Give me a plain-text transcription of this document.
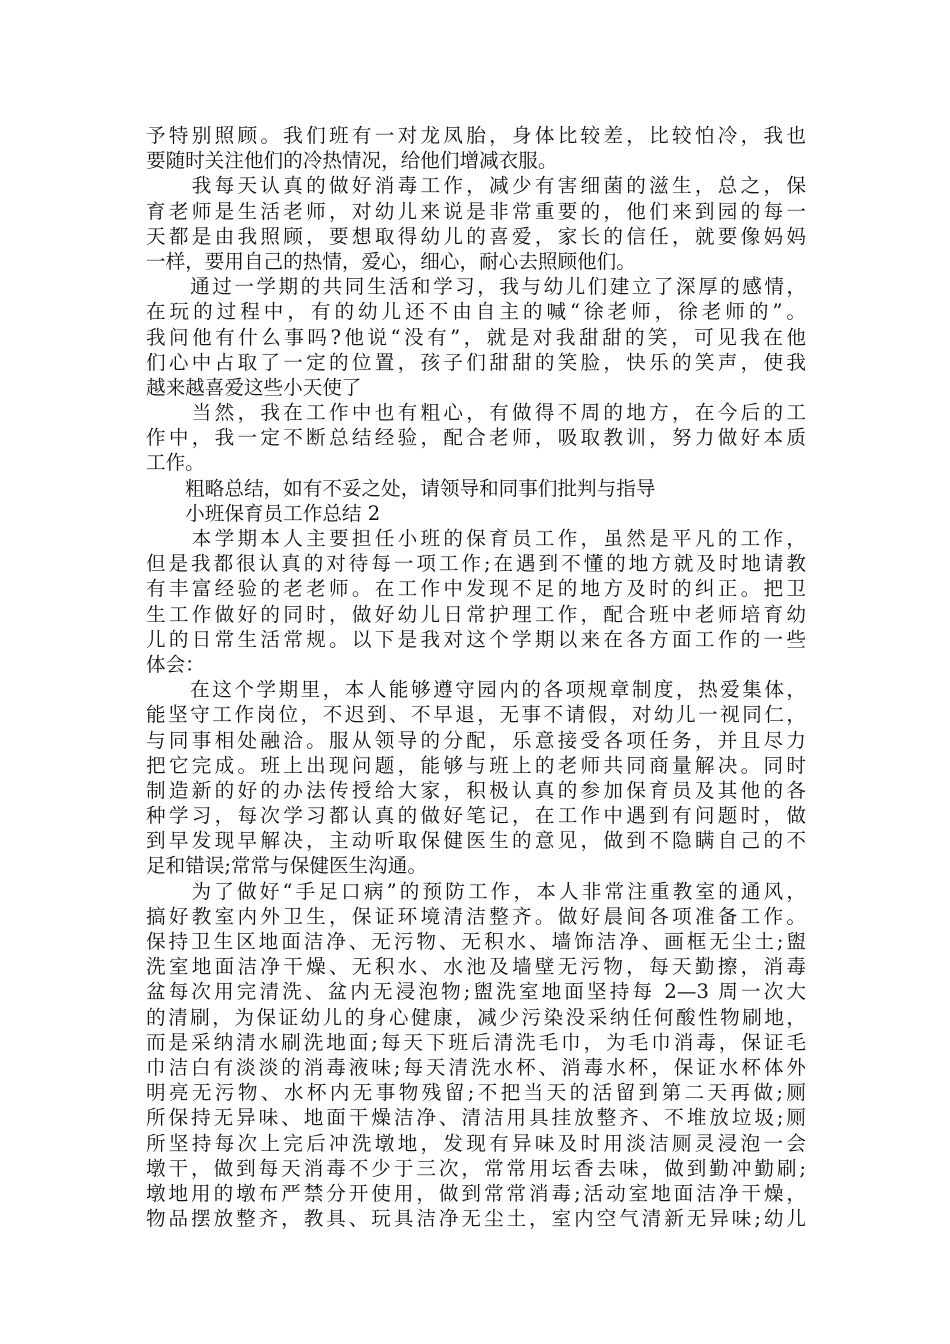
予特别照顾。我们班有一对龙凤胎，身体比较差，比较怕冷，我也
要随时关注他们的冷热情况，给他们增减衣服。
　　我每天认真的做好消毒工作，减少有害细菌的滋生，总之，保
育老师是生活老师，对幼儿来说是非常重要的，他们来到园的每一
天都是由我照顾，要想取得幼儿的喜爱，家长的信任，就要像妈妈
一样，要用自己的热情，爱心，细心，耐心去照顾他们。
　　通过一学期的共同生活和学习，我与幼儿们建立了深厚的感情，
在玩的过程中，有的幼儿还不由自主的喊“徐老师，徐老师的”。
我问他有什么事吗?他说“没有”，就是对我甜甜的笑，可见我在他
们心中占取了一定的位置，孩子们甜甜的笑脸，快乐的笑声，使我
越来越喜爱这些小天使了
　　当然，我在工作中也有粗心，有做得不周的地方，在今后的工
作中，我一定不断总结经验，配合老师，吸取教训，努力做好本质
工作。
　　粗略总结，如有不妥之处，请领导和同事们批判与指导
　　小班保育员工作总结 2
　　本学期本人主要担任小班的保育员工作，虽然是平凡的工作，
但是我都很认真的对待每一项工作;在遇到不懂的地方就及时地请教
有丰富经验的老老师。在工作中发现不足的地方及时的纠正。把卫
生工作做好的同时，做好幼儿日常护理工作，配合班中老师培育幼
儿的日常生活常规。以下是我对这个学期以来在各方面工作的一些
体会：
　　在这个学期里，本人能够遵守园内的各项规章制度，热爱集体，
能坚守工作岗位，不迟到、不早退，无事不请假，对幼儿一视同仁，
与同事相处融洽。服从领导的分配，乐意接受各项任务，并且尽力
把它完成。班上出现问题，能够与班上的老师共同商量解决。同时
制造新的好的办法传授给大家，积极认真的参加保育员及其他的各
种学习，每次学习都认真的做好笔记，在工作中遇到有问题时，做
到早发现早解决，主动听取保健医生的意见，做到不隐瞒自己的不
足和错误;常常与保健医生沟通。
　　为了做好“手足口病”的预防工作，本人非常注重教室的通风，
搞好教室内外卫生，保证环境清洁整齐。做好晨间各项准备工作。
保持卫生区地面洁净、无污物、无积水、墙饰洁净、画框无尘土;盥
洗室地面洁净干燥、无积水、水池及墙壁无污物，每天勤擦，消毒
盆每次用完清洗、盆内无浸泡物;盥洗室地面坚持每 2—3 周一次大
的清刷，为保证幼儿的身心健康，减少污染没采纳任何酸性物刷地，
而是采纳清水刷洗地面;每天下班后清洗毛巾，为毛巾消毒，保证毛
巾洁白有淡淡的消毒液味;每天清洗水杯、消毒水杯，保证水杯体外
明亮无污物、水杯内无事物残留;不把当天的活留到第二天再做;厕
所保持无异味、地面干燥洁净、清洁用具挂放整齐、不堆放垃圾;厕
所坚持每次上完后冲洗墩地，发现有异味及时用淡洁厕灵浸泡一会
墩干，做到每天消毒不少于三次，常常用坛香去味，做到勤冲勤刷;
墩地用的墩布严禁分开使用，做到常常消毒;活动室地面洁净干燥，
物品摆放整齐，教具、玩具洁净无尘土，室内空气清新无异味;幼儿
